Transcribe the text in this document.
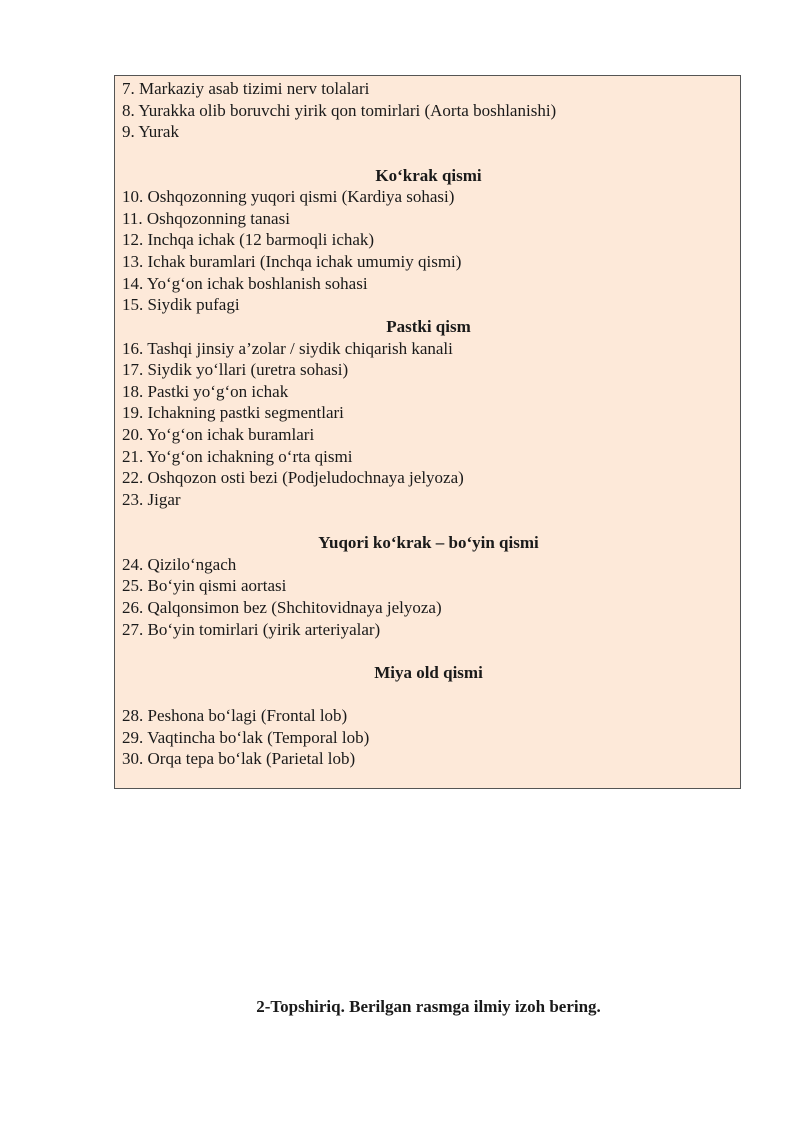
7. Markaziy asab tizimi nerv tolalari
8. Yurakka olib boruvchi yirik qon tomirlari (Aorta boshlanishi)
9. Yurak
Ko‘krak qismi
10. Oshqozonning yuqori qismi (Kardiya sohasi)
11. Oshqozonning tanasi
12. Inchqa ichak (12 barmoqli ichak)
13. Ichak buramlari (Inchqa ichak umumiy qismi)
14. Yo‘g‘on ichak boshlanish sohasi
15. Siydik pufagi
Pastki qism
16. Tashqi jinsiy a’zolar / siydik chiqarish kanali
17. Siydik yo‘llari (uretra sohasi)
18. Pastki yo‘g‘on ichak
19. Ichakning pastki segmentlari
20. Yo‘g‘on ichak buramlari
21. Yo‘g‘on ichakning o‘rta qismi
22. Oshqozon osti bezi (Podjeludochnaya jelyoza)
23. Jigar
Yuqori ko‘krak – bo‘yin qismi
24. Qizilo‘ngach
25. Bo‘yin qismi aortasi
26. Qalqonsimon bez (Shchitovidnaya jelyoza)
27. Bo‘yin tomirlari (yirik arteriyalar)
Miya old qismi
28. Peshona bo‘lagi (Frontal lob)
29. Vaqtincha bo‘lak (Temporal lob)
30. Orqa tepa bo‘lak (Parietal lob)
2-Topshiriq. Berilgan rasmga ilmiy izoh bering.
